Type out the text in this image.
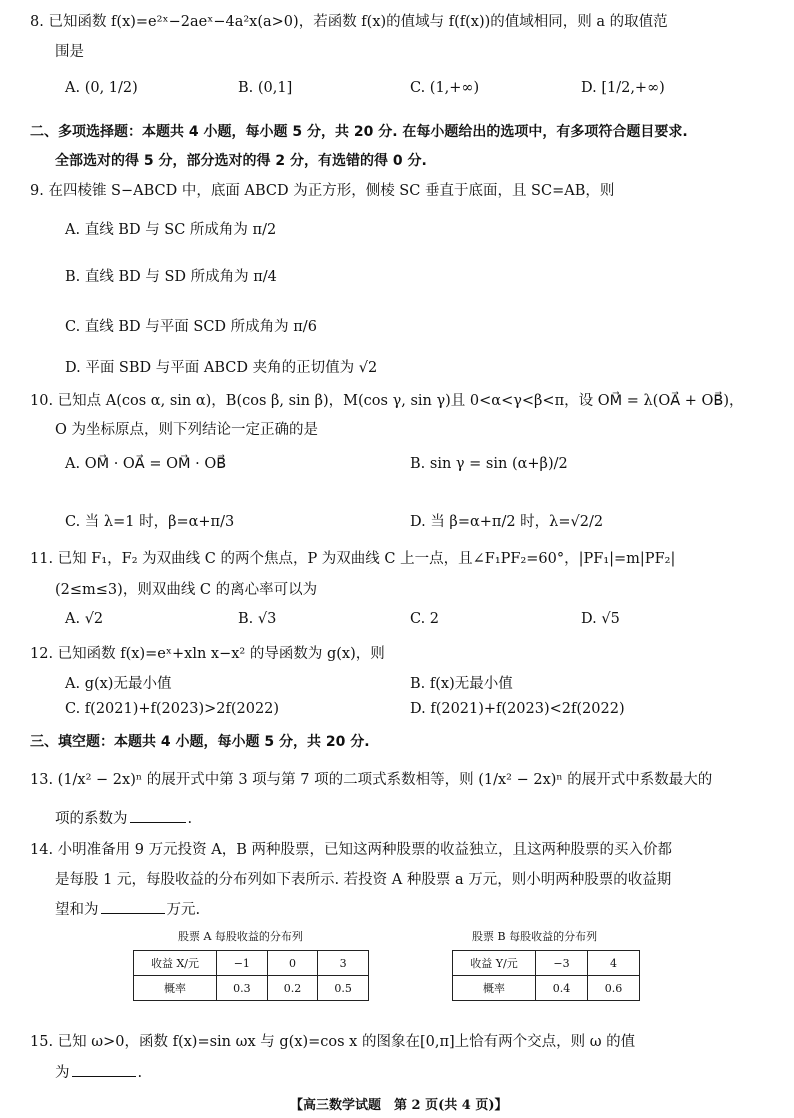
8. 已知函数 f(x)=e²ˣ−2aeˣ−4a²x(a>0)，若函数 f(x)的值域与 f(f(x))的值域相同，则 a 的取值范
围是
A. (0, 1/2)	B. (0,1]	C. (1,+∞)	D. [1/2,+∞)
二、多项选择题：本题共 4 小题，每小题 5 分，共 20 分. 在每小题给出的选项中，有多项符合题目要求.
全部选对的得 5 分，部分选对的得 2 分，有选错的得 0 分.
9. 在四棱锥 S−ABCD 中，底面 ABCD 为正方形，侧棱 SC 垂直于底面，且 SC=AB，则
A. 直线 BD 与 SC 所成角为 π/2
B. 直线 BD 与 SD 所成角为 π/4
C. 直线 BD 与平面 SCD 所成角为 π/6
D. 平面 SBD 与平面 ABCD 夹角的正切值为 √2
10. 已知点 A(cos α, sin α)，B(cos β, sin β)，M(cos γ, sin γ)且 0<α<γ<β<π，设 OM⃗ = λ(OA⃗ + OB⃗)，
O 为坐标原点，则下列结论一定正确的是
A. OM⃗ · OA⃗ = OM⃗ · OB⃗	B. sin γ = sin (α+β)/2
C. 当 λ=1 时，β=α+π/3	D. 当 β=α+π/2 时，λ=√2/2
11. 已知 F₁，F₂ 为双曲线 C 的两个焦点，P 为双曲线 C 上一点，且∠F₁PF₂=60°，|PF₁|=m|PF₂|
(2≤m≤3)，则双曲线 C 的离心率可以为
A. √2	B. √3	C. 2	D. √5
12. 已知函数 f(x)=eˣ+xln x−x² 的导函数为 g(x)，则
A. g(x)无最小值	B. f(x)无最小值
C. f(2021)+f(2023)>2f(2022)	D. f(2021)+f(2023)<2f(2022)
三、填空题：本题共 4 小题，每小题 5 分，共 20 分.
13. (1/x² − 2x)ⁿ 的展开式中第 3 项与第 7 项的二项式系数相等，则 (1/x² − 2x)ⁿ 的展开式中系数最大的
项的系数为	.
14. 小明准备用 9 万元投资 A，B 两种股票，已知这两种股票的收益独立，且这两种股票的买入价都
是每股 1 元，每股收益的分布列如下表所示. 若投资 A 种股票 a 万元，则小明两种股票的收益期
望和为	万元.
股票 A 每股收益的分布列
收益 X/元	−1	0	3
概率	0.3	0.2	0.5
股票 B 每股收益的分布列
收益 Y/元	−3	4
概率	0.4	0.6
15. 已知 ω>0，函数 f(x)=sin ωx 与 g(x)=cos x 的图象在[0,π]上恰有两个交点，则 ω 的值
为	.
【高三数学试题　第 2 页(共 4 页)】
